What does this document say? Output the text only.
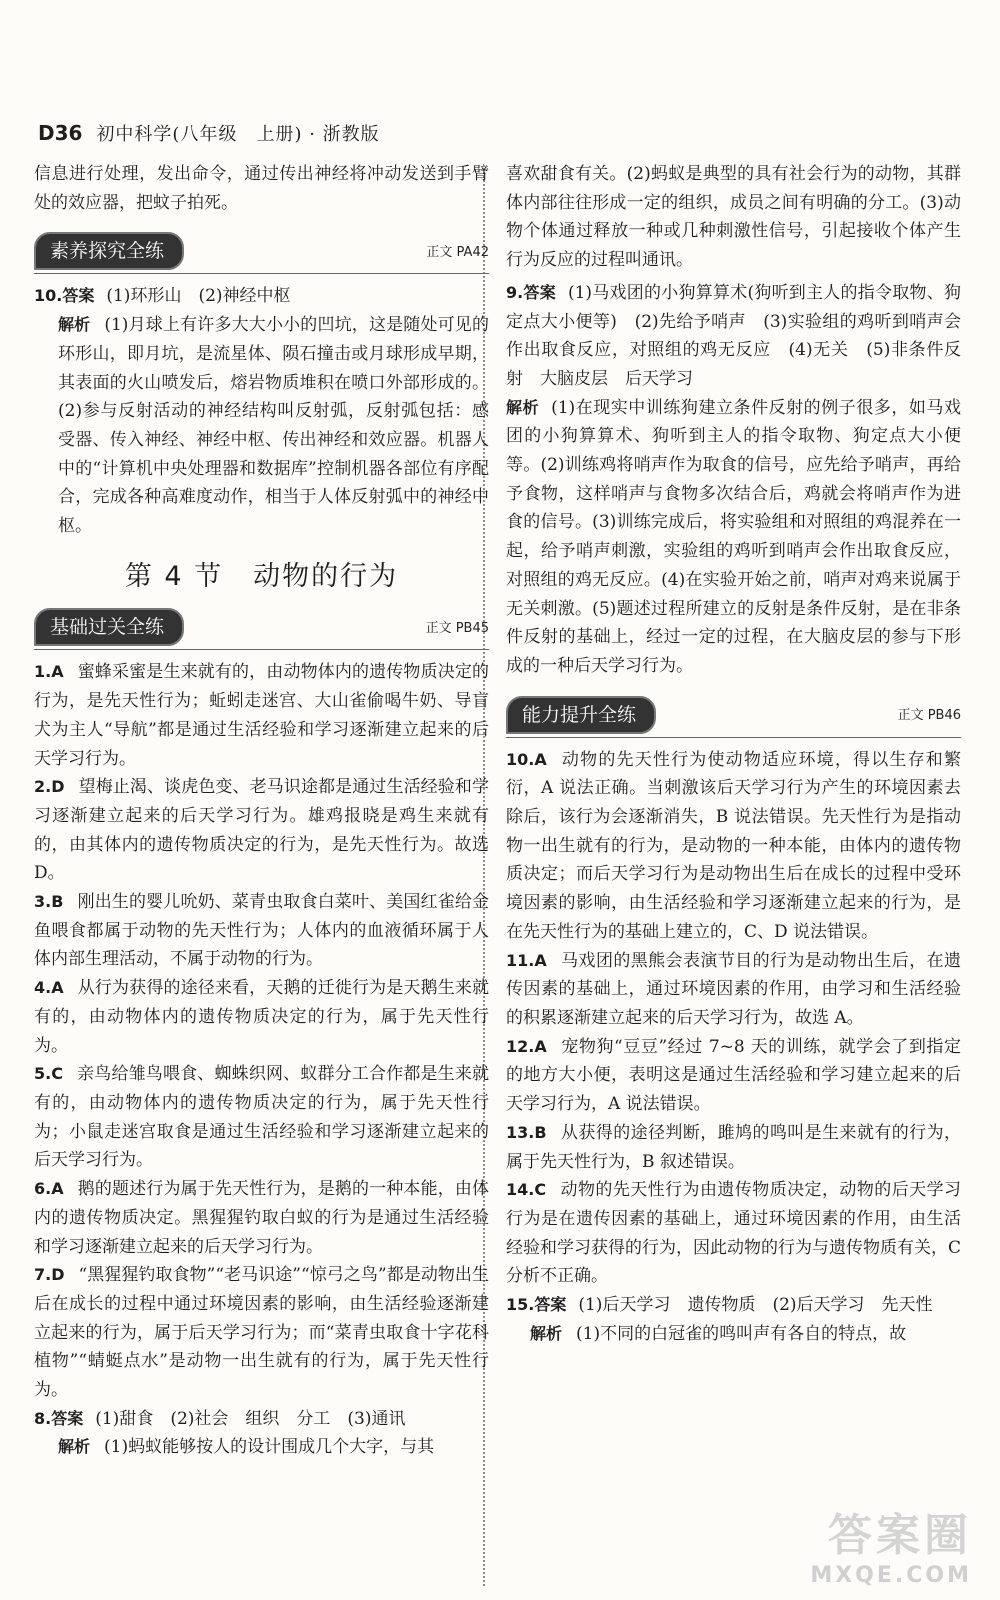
D36 初中科学(八年级　上册) · 浙教版

信息进行处理，发出命令，通过传出神经将冲动发送到手臂处的效应器，把蚊子拍死。

素养探究全练	正文 PA42

10.答案 (1)环形山　(2)神经中枢

解析 (1)月球上有许多大大小小的凹坑，这是随处可见的环形山，即月坑，是流星体、陨石撞击或月球形成早期，其表面的火山喷发后，熔岩物质堆积在喷口外部形成的。(2)参与反射活动的神经结构叫反射弧，反射弧包括：感受器、传入神经、神经中枢、传出神经和效应器。机器人中的“计算机中央处理器和数据库”控制机器各部位有序配合，完成各种高难度动作，相当于人体反射弧中的神经中枢。

第 4 节 动物的行为
基础过关全练	正文 PB45

1.A 蜜蜂采蜜是生来就有的，由动物体内的遗传物质决定的行为，是先天性行为；蚯蚓走迷宫、大山雀偷喝牛奶、导盲犬为主人“导航”都是通过生活经验和学习逐渐建立起来的后天学习行为。

2.D 望梅止渴、谈虎色变、老马识途都是通过生活经验和学习逐渐建立起来的后天学习行为。雄鸡报晓是鸡生来就有的，由其体内的遗传物质决定的行为，是先天性行为。故选 D。

3.B 刚出生的婴儿吮奶、菜青虫取食白菜叶、美国红雀给金鱼喂食都属于动物的先天性行为；人体内的血液循环属于人体内部生理活动，不属于动物的行为。

4.A 从行为获得的途径来看，天鹅的迁徙行为是天鹅生来就有的，由动物体内的遗传物质决定的行为，属于先天性行为。

5.C 亲鸟给雏鸟喂食、蜘蛛织网、蚁群分工合作都是生来就有的，由动物体内的遗传物质决定的行为，属于先天性行为；小鼠走迷宫取食是通过生活经验和学习逐渐建立起来的后天学习行为。

6.A 鹅的题述行为属于先天性行为，是鹅的一种本能，由体内的遗传物质决定。黑猩猩钓取白蚁的行为是通过生活经验和学习逐渐建立起来的后天学习行为。

7.D “黑猩猩钓取食物”“老马识途”“惊弓之鸟”都是动物出生后在成长的过程中通过环境因素的影响，由生活经验逐渐建立起来的行为，属于后天学习行为；而“菜青虫取食十字花科植物”“蜻蜓点水”是动物一出生就有的行为，属于先天性行为。

8.答案 (1)甜食　(2)社会　组织　分工　(3)通讯

解析 (1)蚂蚁能够按人的设计围成几个大字，与其

喜欢甜食有关。(2)蚂蚁是典型的具有社会行为的动物，其群体内部往往形成一定的组织，成员之间有明确的分工。(3)动物个体通过释放一种或几种刺激性信号，引起接收个体产生行为反应的过程叫通讯。

9.答案 (1)马戏团的小狗算算术(狗听到主人的指令取物、狗定点大小便等)　(2)先给予哨声　(3)实验组的鸡听到哨声会作出取食反应，对照组的鸡无反应　(4)无关　(5)非条件反射　大脑皮层　后天学习

解析 (1)在现实中训练狗建立条件反射的例子很多，如马戏团的小狗算算术、狗听到主人的指令取物、狗定点大小便等。(2)训练鸡将哨声作为取食的信号，应先给予哨声，再给予食物，这样哨声与食物多次结合后，鸡就会将哨声作为进食的信号。(3)训练完成后，将实验组和对照组的鸡混养在一起，给予哨声刺激，实验组的鸡听到哨声会作出取食反应，对照组的鸡无反应。(4)在实验开始之前，哨声对鸡来说属于无关刺激。(5)题述过程所建立的反射是条件反射，是在非条件反射的基础上，经过一定的过程，在大脑皮层的参与下形成的一种后天学习行为。

能力提升全练	正文 PB46

10.A 动物的先天性行为使动物适应环境，得以生存和繁衍，A 说法正确。当刺激该后天学习行为产生的环境因素去除后，该行为会逐渐消失，B 说法错误。先天性行为是指动物一出生就有的行为，是动物的一种本能，由体内的遗传物质决定；而后天学习行为是动物出生后在成长的过程中受环境因素的影响，由生活经验和学习逐渐建立起来的行为，是在先天性行为的基础上建立的，C、D 说法错误。

11.A 马戏团的黑熊会表演节目的行为是动物出生后，在遗传因素的基础上，通过环境因素的作用，由学习和生活经验的积累逐渐建立起来的后天学习行为，故选 A。

12.A 宠物狗“豆豆”经过 7~8 天的训练，就学会了到指定的地方大小便，表明这是通过生活经验和学习建立起来的后天学习行为，A 说法错误。

13.B 从获得的途径判断，雎鸠的鸣叫是生来就有的行为，属于先天性行为，B 叙述错误。

14.C 动物的先天性行为由遗传物质决定，动物的后天学习行为是在遗传因素的基础上，通过环境因素的作用，由生活经验和学习获得的行为，因此动物的行为与遗传物质有关，C 分析不正确。

15.答案 (1)后天学习　遗传物质　(2)后天学习　先天性

解析 (1)不同的白冠雀的鸣叫声有各自的特点，故

答案圈
MXQE.COM
